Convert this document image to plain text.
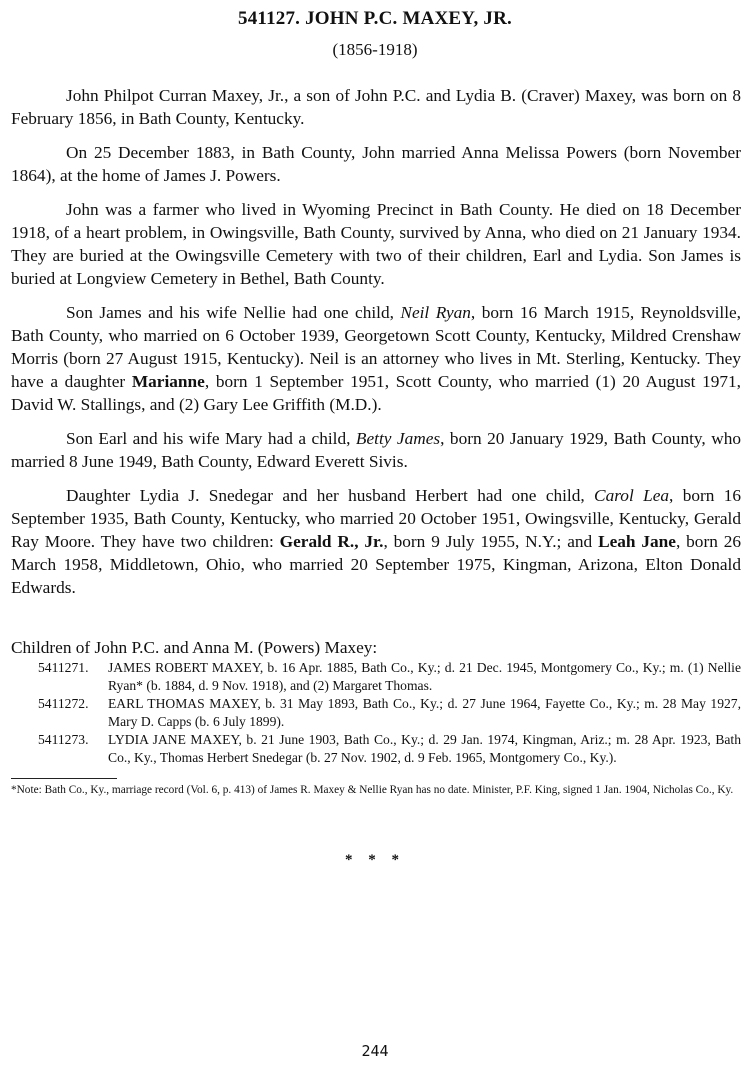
541127. JOHN P.C. MAXEY, JR.
(1856-1918)

John Philpot Curran Maxey, Jr., a son of John P.C. and Lydia B. (Craver) Maxey, was born on 8 February 1856, in Bath County, Kentucky.

On 25 December 1883, in Bath County, John married Anna Melissa Powers (born November 1864), at the home of James J. Powers.

John was a farmer who lived in Wyoming Precinct in Bath County. He died on 18 December 1918, of a heart problem, in Owingsville, Bath County, survived by Anna, who died on 21 January 1934. They are buried at the Owingsville Cemetery with two of their children, Earl and Lydia. Son James is buried at Longview Cemetery in Bethel, Bath County.

Son James and his wife Nellie had one child, Neil Ryan, born 16 March 1915, Reynoldsville, Bath County, who married on 6 October 1939, Georgetown Scott County, Kentucky, Mildred Crenshaw Morris (born 27 August 1915, Kentucky). Neil is an attorney who lives in Mt. Sterling, Kentucky. They have a daughter Marianne, born 1 September 1951, Scott County, who married (1) 20 August 1971, David W. Stallings, and (2) Gary Lee Griffith (M.D.).

Son Earl and his wife Mary had a child, Betty James, born 20 January 1929, Bath County, who married 8 June 1949, Bath County, Edward Everett Sivis.

Daughter Lydia J. Snedegar and her husband Herbert had one child, Carol Lea, born 16 September 1935, Bath County, Kentucky, who married 20 October 1951, Owingsville, Kentucky, Gerald Ray Moore. They have two children: Gerald R., Jr., born 9 July 1955, N.Y.; and Leah Jane, born 26 March 1958, Middletown, Ohio, who married 20 September 1975, Kingman, Arizona, Elton Donald Edwards.

Children of John P.C. and Anna M. (Powers) Maxey:
5411271.	JAMES ROBERT MAXEY, b. 16 Apr. 1885, Bath Co., Ky.; d. 21 Dec. 1945, Montgomery Co., Ky.; m. (1) Nellie Ryan* (b. 1884, d. 9 Nov. 1918), and (2) Margaret Thomas.
5411272.	EARL THOMAS MAXEY, b. 31 May 1893, Bath Co., Ky.; d. 27 June 1964, Fayette Co., Ky.; m. 28 May 1927, Mary D. Capps (b. 6 July 1899).
5411273.	LYDIA JANE MAXEY, b. 21 June 1903, Bath Co., Ky.; d. 29 Jan. 1974, Kingman, Ariz.; m. 28 Apr. 1923, Bath Co., Ky., Thomas Herbert Snedegar (b. 27 Nov. 1902, d. 9 Feb. 1965, Montgomery Co., Ky.).
*Note: Bath Co., Ky., marriage record (Vol. 6, p. 413) of James R. Maxey & Nellie Ryan has no date. Minister, P.F. King, signed 1 Jan. 1904, Nicholas Co., Ky.
* * *
244
